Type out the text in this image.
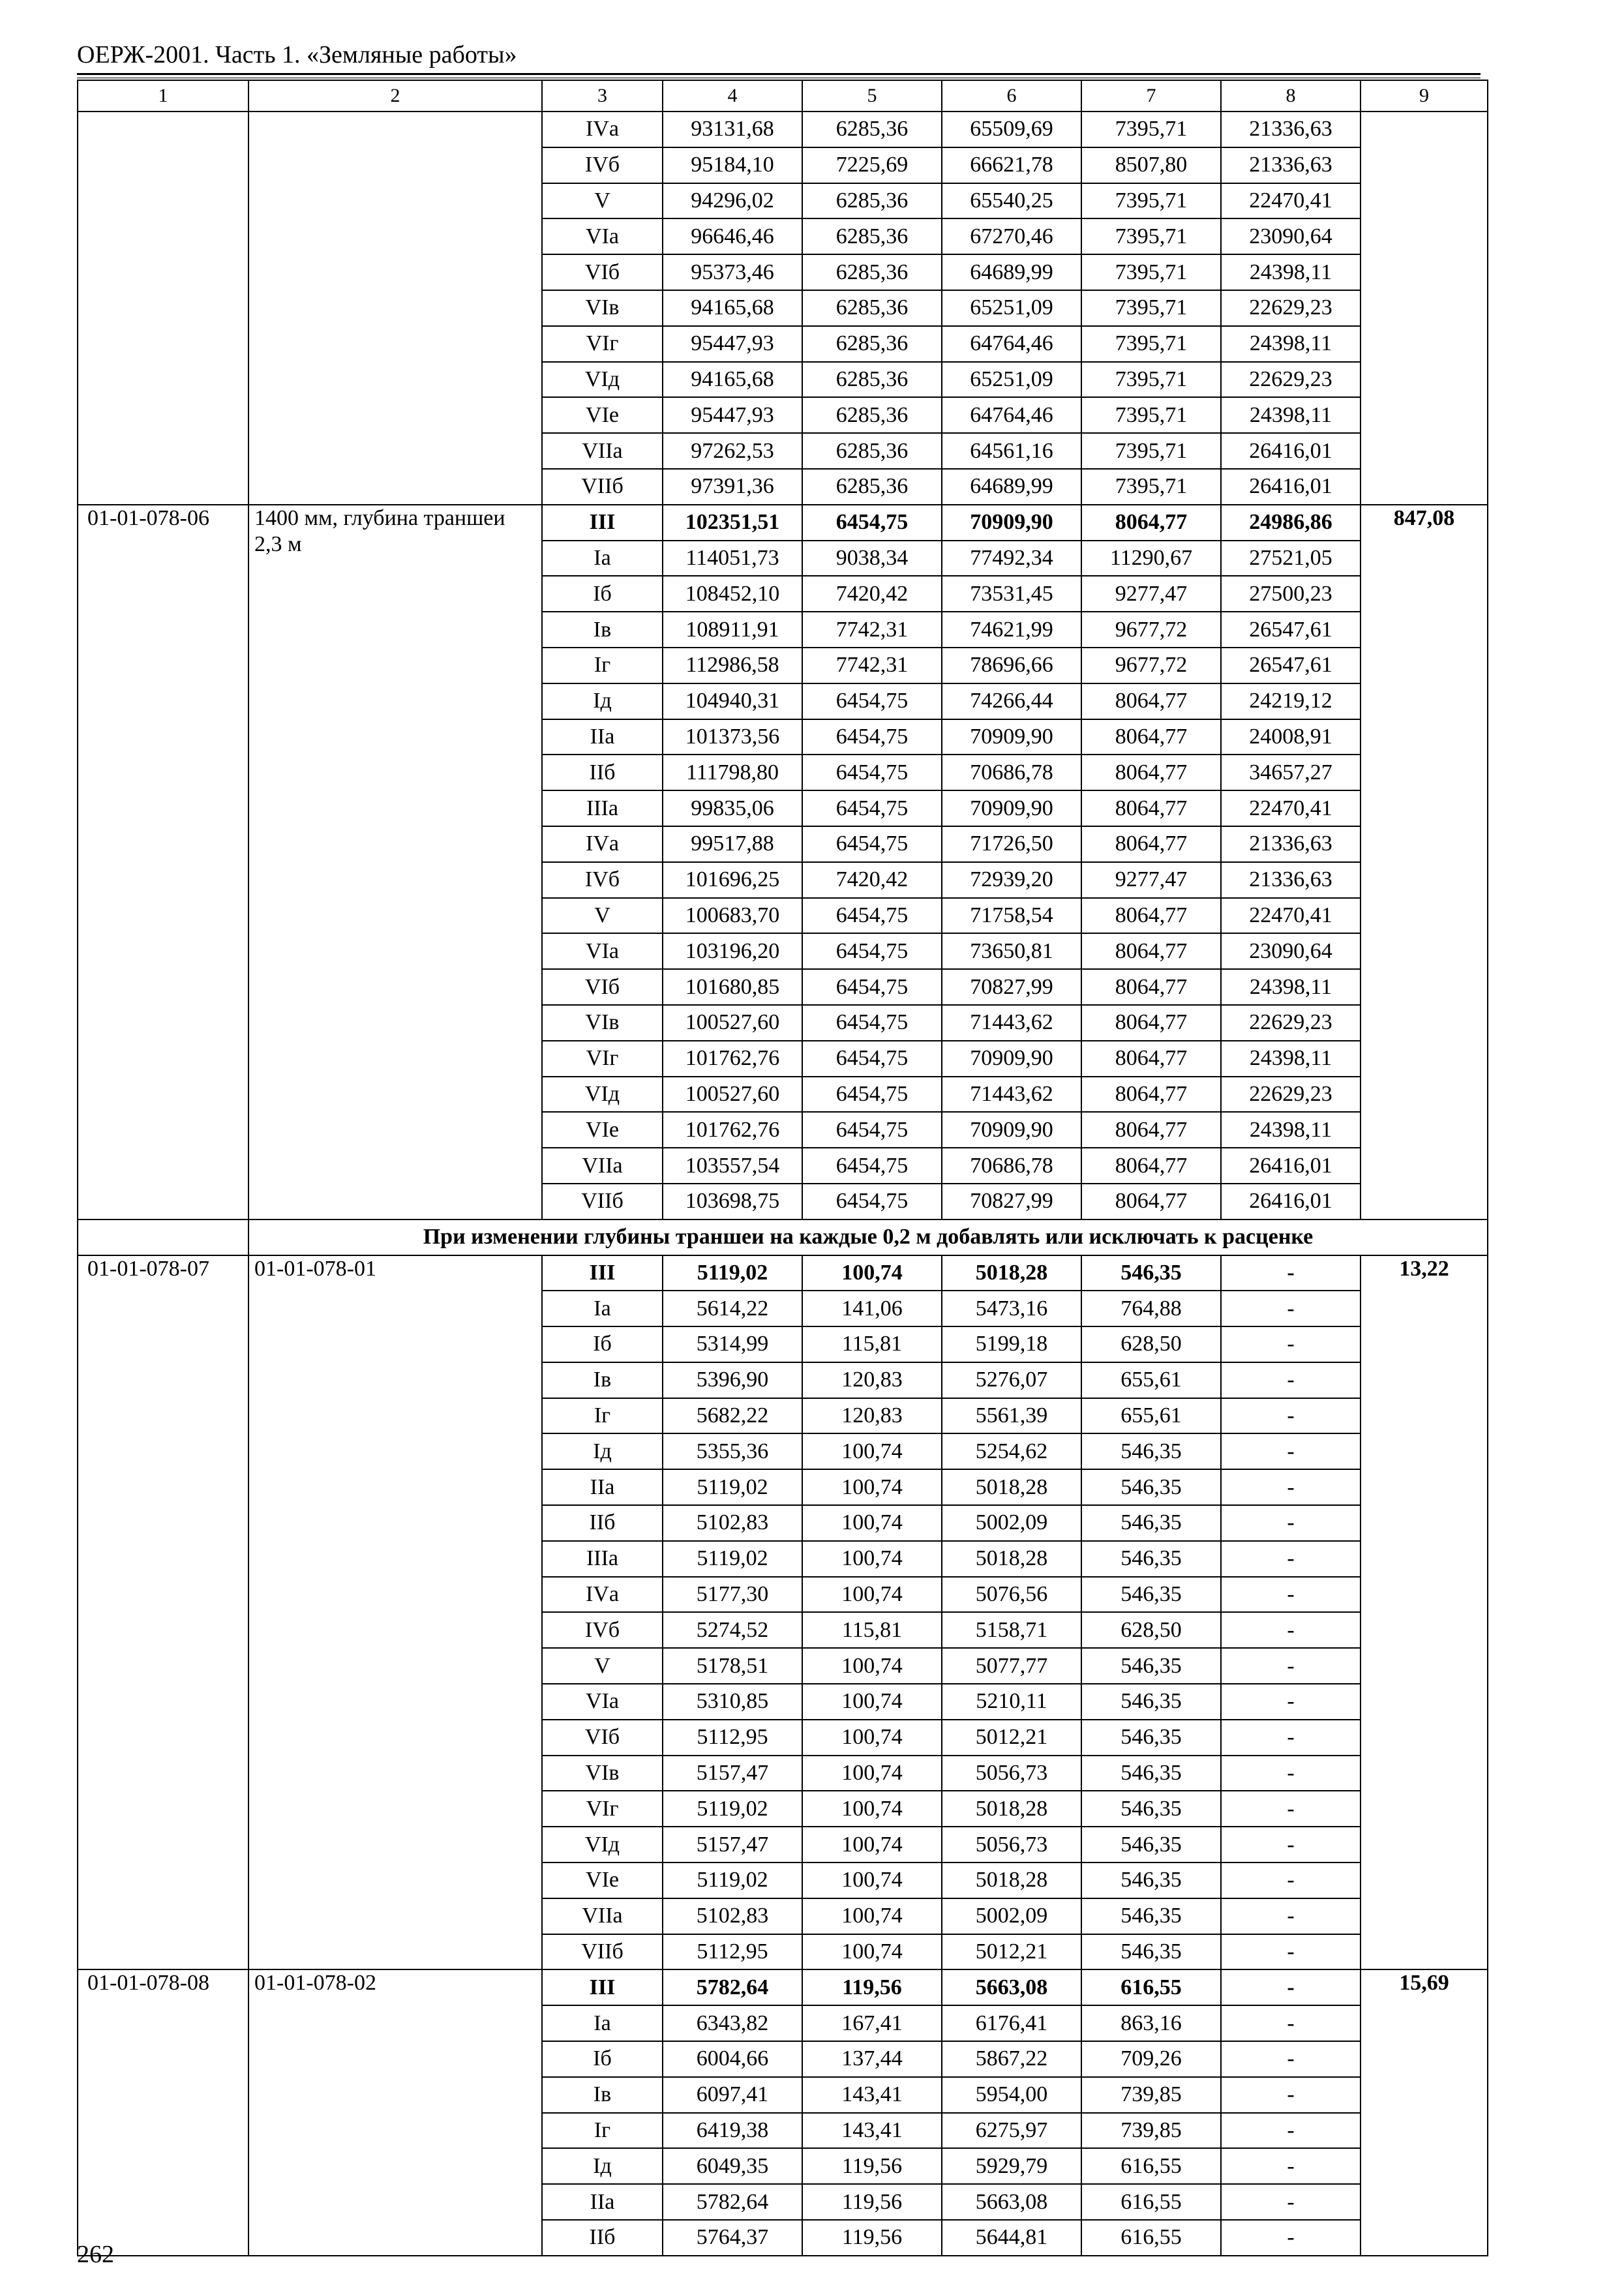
ОЕРЖ-2001. Часть 1. «Земляные работы»
1	2	3	4	5	6	7	8	9
		IVа	93131,68	6285,36	65509,69	7395,71	21336,63	
		IVб	95184,10	7225,69	66621,78	8507,80	21336,63	
		V	94296,02	6285,36	65540,25	7395,71	22470,41	
		VIа	96646,46	6285,36	67270,46	7395,71	23090,64	
		VIб	95373,46	6285,36	64689,99	7395,71	24398,11	
		VIв	94165,68	6285,36	65251,09	7395,71	22629,23	
		VIг	95447,93	6285,36	64764,46	7395,71	24398,11	
		VIд	94165,68	6285,36	65251,09	7395,71	22629,23	
		VIе	95447,93	6285,36	64764,46	7395,71	24398,11	
		VIIа	97262,53	6285,36	64561,16	7395,71	26416,01	
		VIIб	97391,36	6285,36	64689,99	7395,71	26416,01	
01-01-078-06	1400 мм, глубина траншеи 2,3 м	III	102351,51	6454,75	70909,90	8064,77	24986,86	847,08
		Iа	114051,73	9038,34	77492,34	11290,67	27521,05	
		Iб	108452,10	7420,42	73531,45	9277,47	27500,23	
		Iв	108911,91	7742,31	74621,99	9677,72	26547,61	
		Iг	112986,58	7742,31	78696,66	9677,72	26547,61	
		Iд	104940,31	6454,75	74266,44	8064,77	24219,12	
		IIа	101373,56	6454,75	70909,90	8064,77	24008,91	
		IIб	111798,80	6454,75	70686,78	8064,77	34657,27	
		IIIа	99835,06	6454,75	70909,90	8064,77	22470,41	
		IVа	99517,88	6454,75	71726,50	8064,77	21336,63	
		IVб	101696,25	7420,42	72939,20	9277,47	21336,63	
		V	100683,70	6454,75	71758,54	8064,77	22470,41	
		VIа	103196,20	6454,75	73650,81	8064,77	23090,64	
		VIб	101680,85	6454,75	70827,99	8064,77	24398,11	
		VIв	100527,60	6454,75	71443,62	8064,77	22629,23	
		VIг	101762,76	6454,75	70909,90	8064,77	24398,11	
		VIд	100527,60	6454,75	71443,62	8064,77	22629,23	
		VIе	101762,76	6454,75	70909,90	8064,77	24398,11	
		VIIа	103557,54	6454,75	70686,78	8064,77	26416,01	
		VIIб	103698,75	6454,75	70827,99	8064,77	26416,01	
	При изменении глубины траншеи на каждые 0,2 м добавлять или исключать к расценке							
01-01-078-07	01-01-078-01	III	5119,02	100,74	5018,28	546,35	-	13,22
		Iа	5614,22	141,06	5473,16	764,88	-	
		Iб	5314,99	115,81	5199,18	628,50	-	
		Iв	5396,90	120,83	5276,07	655,61	-	
		Iг	5682,22	120,83	5561,39	655,61	-	
		Iд	5355,36	100,74	5254,62	546,35	-	
		IIа	5119,02	100,74	5018,28	546,35	-	
		IIб	5102,83	100,74	5002,09	546,35	-	
		IIIа	5119,02	100,74	5018,28	546,35	-	
		IVа	5177,30	100,74	5076,56	546,35	-	
		IVб	5274,52	115,81	5158,71	628,50	-	
		V	5178,51	100,74	5077,77	546,35	-	
		VIа	5310,85	100,74	5210,11	546,35	-	
		VIб	5112,95	100,74	5012,21	546,35	-	
		VIв	5157,47	100,74	5056,73	546,35	-	
		VIг	5119,02	100,74	5018,28	546,35	-	
		VIд	5157,47	100,74	5056,73	546,35	-	
		VIе	5119,02	100,74	5018,28	546,35	-	
		VIIа	5102,83	100,74	5002,09	546,35	-	
		VIIб	5112,95	100,74	5012,21	546,35	-	
01-01-078-08	01-01-078-02	III	5782,64	119,56	5663,08	616,55	-	15,69
		Iа	6343,82	167,41	6176,41	863,16	-	
		Iб	6004,66	137,44	5867,22	709,26	-	
		Iв	6097,41	143,41	5954,00	739,85	-	
		Iг	6419,38	143,41	6275,97	739,85	-	
		Iд	6049,35	119,56	5929,79	616,55	-	
		IIа	5782,64	119,56	5663,08	616,55	-	
		IIб	5764,37	119,56	5644,81	616,55	-	
262
